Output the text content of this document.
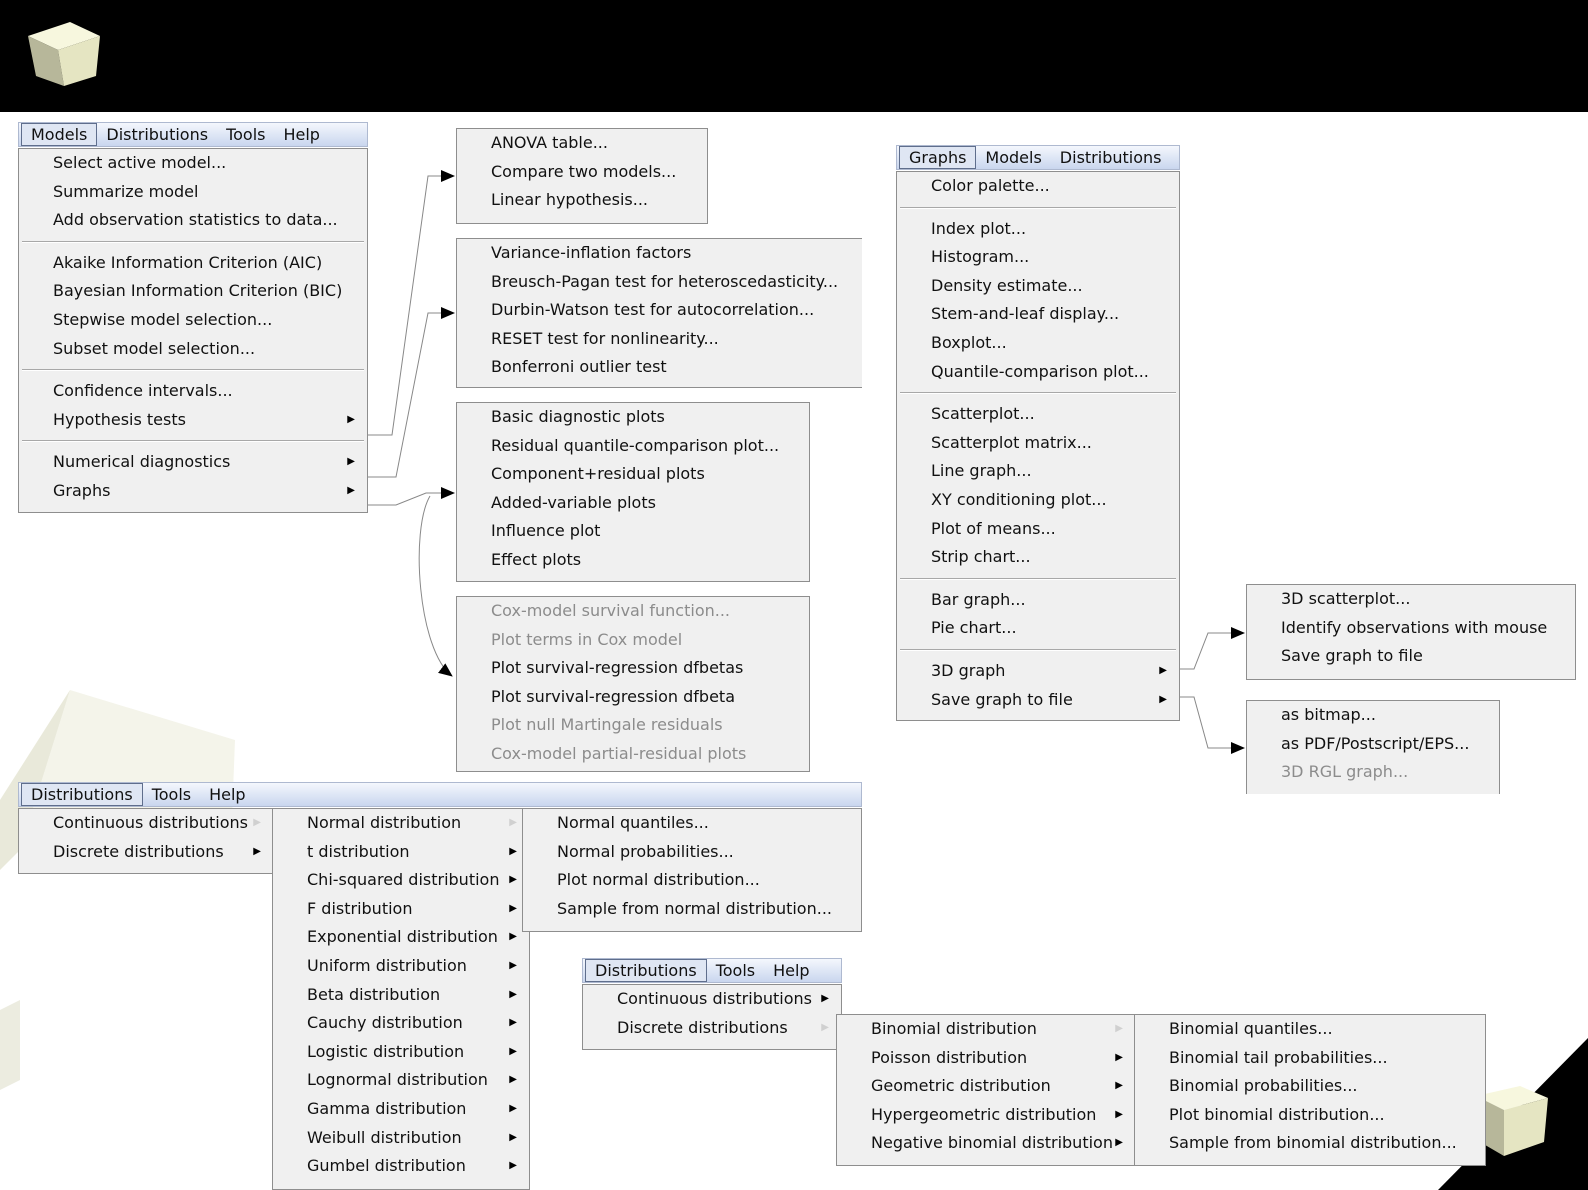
Models	Distributions	Tools	Help
Select active model...
Summarize model
Add observation statistics to data...
Akaike Information Criterion (AIC)
Bayesian Information Criterion (BIC)
Stepwise model selection...
Subset model selection...
Confidence intervals...
Hypothesis tests	▶
Numerical diagnostics	▶
Graphs	▶
ANOVA table...
Compare two models...
Linear hypothesis...
Variance-inflation factors
Breusch-Pagan test for heteroscedasticity...
Durbin-Watson test for autocorrelation...
RESET test for nonlinearity...
Bonferroni outlier test
Basic diagnostic plots
Residual quantile-comparison plot...
Component+residual plots
Added-variable plots
Influence plot
Effect plots
Cox-model survival function...
Plot terms in Cox model
Plot survival-regression dfbetas
Plot survival-regression dfbeta
Plot null Martingale residuals
Cox-model partial-residual plots
Graphs	Models	Distributions
Color palette...
Index plot...
Histogram...
Density estimate...
Stem-and-leaf display...
Boxplot...
Quantile-comparison plot...
Scatterplot...
Scatterplot matrix...
Line graph...
XY conditioning plot...
Plot of means...
Strip chart...
Bar graph...
Pie chart...
3D graph	▶
Save graph to file	▶
3D scatterplot...
Identify observations with mouse
Save graph to file
as bitmap...
as PDF/Postscript/EPS...
3D RGL graph...
Distributions	Tools	Help
Continuous distributions ▶
Discrete distributions	▶
Normal distribution	▶
t distribution	▶
Chi-squared distribution ▶
F distribution	▶
Exponential distribution ▶
Uniform distribution	▶
Beta distribution	▶
Cauchy distribution	▶
Logistic distribution	▶
Lognormal distribution ▶
Gamma distribution	▶
Weibull distribution	▶
Gumbel distribution	▶
Normal quantiles...
Normal probabilities...
Plot normal distribution...
Sample from normal distribution...
Distributions	Tools	Help
Continuous distributions ▶
Discrete distributions	▶	Binomial distribution	▶
Poisson distribution	▶
Geometric distribution	▶
Hypergeometric distribution ▶
Negative binomial distribution ▶
Binomial quantiles...
Binomial tail probabilities...
Binomial probabilities...
Plot binomial distribution...
Sample from binomial distribution...
